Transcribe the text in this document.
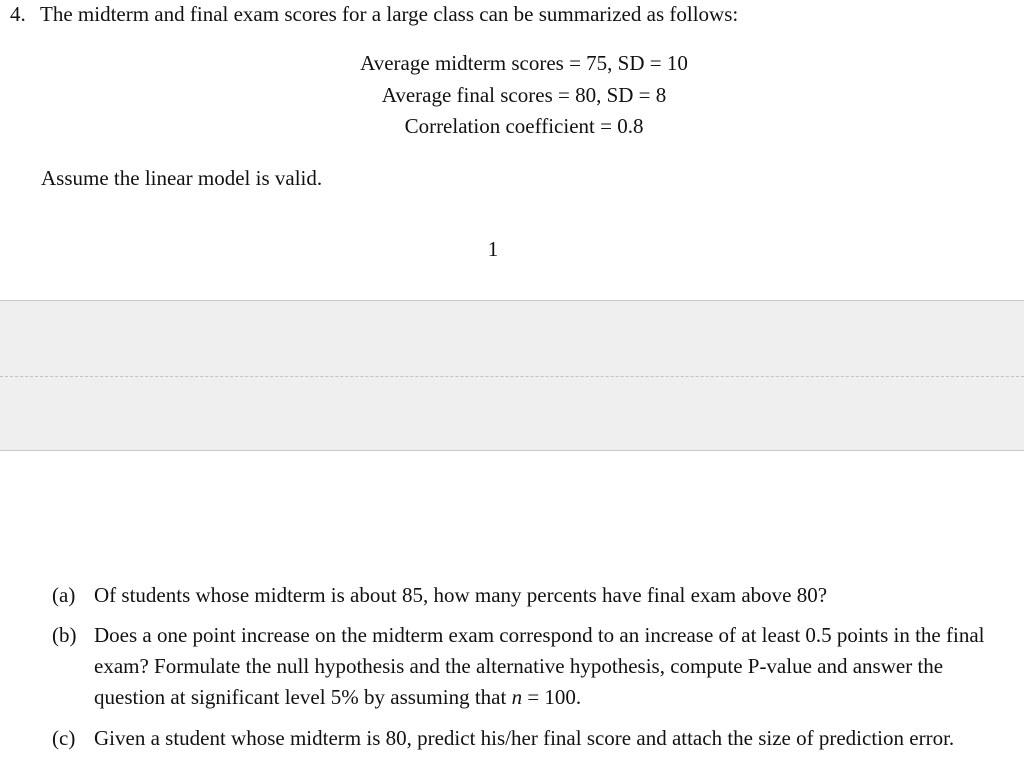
4. The midterm and final exam scores for a large class can be summarized as follows:
Average midterm scores = 75, SD = 10
Average final scores = 80, SD = 8
Correlation coefficient = 0.8
Assume the linear model is valid.
1
(a) Of students whose midterm is about 85, how many percents have final exam above 80?
(b) Does a one point increase on the midterm exam correspond to an increase of at least 0.5 points in the final exam? Formulate the null hypothesis and the alternative hypothesis, compute P-value and answer the question at significant level 5% by assuming that n = 100.
(c) Given a student whose midterm is 80, predict his/her final score and attach the size of prediction error.
